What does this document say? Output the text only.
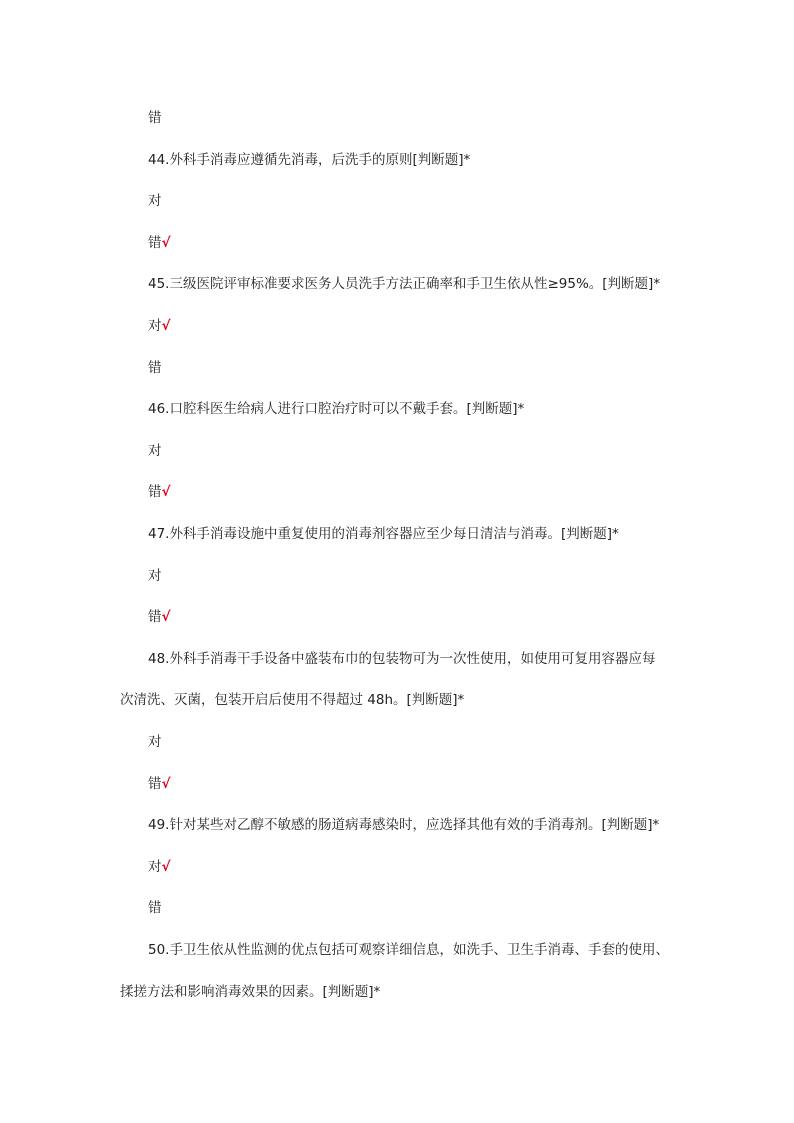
错
44.外科手消毒应遵循先消毒，后洗手的原则[判断题]*
对
错√
45.三级医院评审标准要求医务人员洗手方法正确率和手卫生依从性≥95%。[判断题]*
对√
错
46.口腔科医生给病人进行口腔治疗时可以不戴手套。[判断题]*
对
错√
47.外科手消毒设施中重复使用的消毒剂容器应至少每日清洁与消毒。[判断题]*
对
错√
48.外科手消毒干手设备中盛装布巾的包装物可为一次性使用，如使用可复用容器应每
次清洗、灭菌，包装开启后使用不得超过 48h。[判断题]*
对
错√
49.针对某些对乙醇不敏感的肠道病毒感染时，应选择其他有效的手消毒剂。[判断题]*
对√
错
50.手卫生依从性监测的优点包括可观察详细信息，如洗手、卫生手消毒、手套的使用、
揉搓方法和影响消毒效果的因素。[判断题]*
